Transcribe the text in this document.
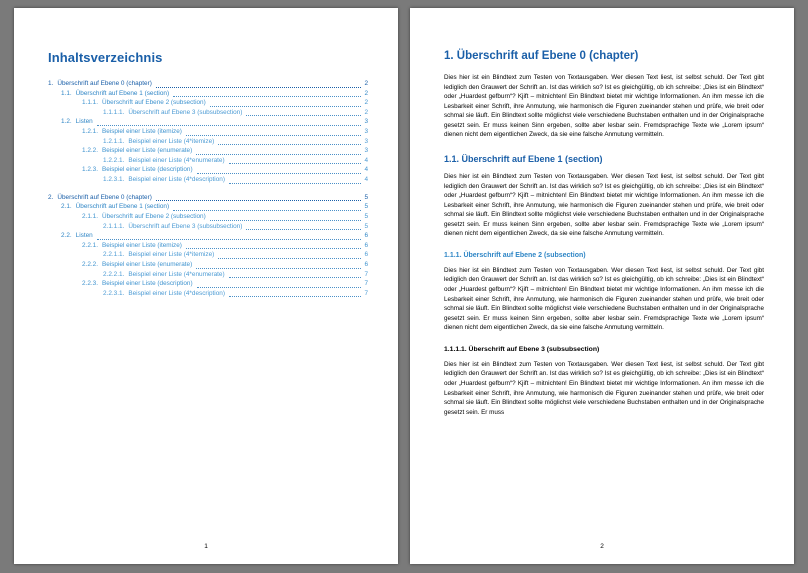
Inhaltsverzeichnis
1. Überschrift auf Ebene 0 (chapter)	2
1.1. Überschrift auf Ebene 1 (section)	2
1.1.1. Überschrift auf Ebene 2 (subsection)	2
1.1.1.1. Überschrift auf Ebene 3 (subsubsection)	2
1.2. Listen	3
1.2.1. Beispiel einer Liste (itemize)	3
1.2.1.1. Beispiel einer Liste (4*itemize)	3
1.2.2. Beispiel einer Liste (enumerate)	3
1.2.2.1. Beispiel einer Liste (4*enumerate)	4
1.2.3. Beispiel einer Liste (description)	4
1.2.3.1. Beispiel einer Liste (4*description)	4
2. Überschrift auf Ebene 0 (chapter)	5
2.1. Überschrift auf Ebene 1 (section)	5
2.1.1. Überschrift auf Ebene 2 (subsection)	5
2.1.1.1. Überschrift auf Ebene 3 (subsubsection)	5
2.2. Listen	6
2.2.1. Beispiel einer Liste (itemize)	6
2.2.1.1. Beispiel einer Liste (4*itemize)	6
2.2.2. Beispiel einer Liste (enumerate)	6
2.2.2.1. Beispiel einer Liste (4*enumerate)	7
2.2.3. Beispiel einer Liste (description)	7
2.2.3.1. Beispiel einer Liste (4*description)	7
1
1. Überschrift auf Ebene 0 (chapter)

Dies hier ist ein Blindtext zum Testen von Textausgaben. Wer diesen Text liest, ist selbst schuld. Der Text gibt lediglich den Grauwert der Schrift an. Ist das wirklich so? Ist es gleichgültig, ob ich schreibe: „Dies ist ein Blindtext“ oder „Huardest gefburn“? Kjift – mitnichten! Ein Blindtext bietet mir wichtige Informationen. An ihm messe ich die Lesbarkeit einer Schrift, ihre Anmutung, wie harmonisch die Figuren zueinander stehen und prüfe, wie breit oder schmal sie läuft. Ein Blindtext sollte möglichst viele verschiedene Buchstaben enthalten und in der Originalsprache gesetzt sein. Er muss keinen Sinn ergeben, sollte aber lesbar sein. Fremdsprachige Texte wie „Lorem ipsum“ dienen nicht dem eigentlichen Zweck, da sie eine falsche Anmutung vermitteln.

1.1. Überschrift auf Ebene 1 (section)

Dies hier ist ein Blindtext zum Testen von Textausgaben. Wer diesen Text liest, ist selbst schuld. Der Text gibt lediglich den Grauwert der Schrift an. Ist das wirklich so? Ist es gleichgültig, ob ich schreibe: „Dies ist ein Blindtext“ oder „Huardest gefburn“? Kjift – mitnichten! Ein Blindtext bietet mir wichtige Informationen. An ihm messe ich die Lesbarkeit einer Schrift, ihre Anmutung, wie harmonisch die Figuren zueinander stehen und prüfe, wie breit oder schmal sie läuft. Ein Blindtext sollte möglichst viele verschiedene Buchstaben enthalten und in der Originalsprache gesetzt sein. Er muss keinen Sinn ergeben, sollte aber lesbar sein. Fremdsprachige Texte wie „Lorem ipsum“ dienen nicht dem eigentlichen Zweck, da sie eine falsche Anmutung vermitteln.

1.1.1. Überschrift auf Ebene 2 (subsection)

Dies hier ist ein Blindtext zum Testen von Textausgaben. Wer diesen Text liest, ist selbst schuld. Der Text gibt lediglich den Grauwert der Schrift an. Ist das wirklich so? Ist es gleichgültig, ob ich schreibe: „Dies ist ein Blindtext“ oder „Huardest gefburn“? Kjift – mitnichten! Ein Blindtext bietet mir wichtige Informationen. An ihm messe ich die Lesbarkeit einer Schrift, ihre Anmutung, wie harmonisch die Figuren zueinander stehen und prüfe, wie breit oder schmal sie läuft. Ein Blindtext sollte möglichst viele verschiedene Buchstaben enthalten und in der Originalsprache gesetzt sein. Er muss keinen Sinn ergeben, sollte aber lesbar sein. Fremdsprachige Texte wie „Lorem ipsum“ dienen nicht dem eigentlichen Zweck, da sie eine falsche Anmutung vermitteln.

1.1.1.1. Überschrift auf Ebene 3 (subsubsection)

Dies hier ist ein Blindtext zum Testen von Textausgaben. Wer diesen Text liest, ist selbst schuld. Der Text gibt lediglich den Grauwert der Schrift an. Ist das wirklich so? Ist es gleichgültig, ob ich schreibe: „Dies ist ein Blindtext“ oder „Huardest gefburn“? Kjift – mitnichten! Ein Blindtext bietet mir wichtige Informationen. An ihm messe ich die Lesbarkeit einer Schrift, ihre Anmutung, wie harmonisch die Figuren zueinander stehen und prüfe, wie breit oder schmal sie läuft. Ein Blindtext sollte möglichst viele verschiedene Buchstaben enthalten und in der Originalsprache gesetzt sein. Er muss

2
